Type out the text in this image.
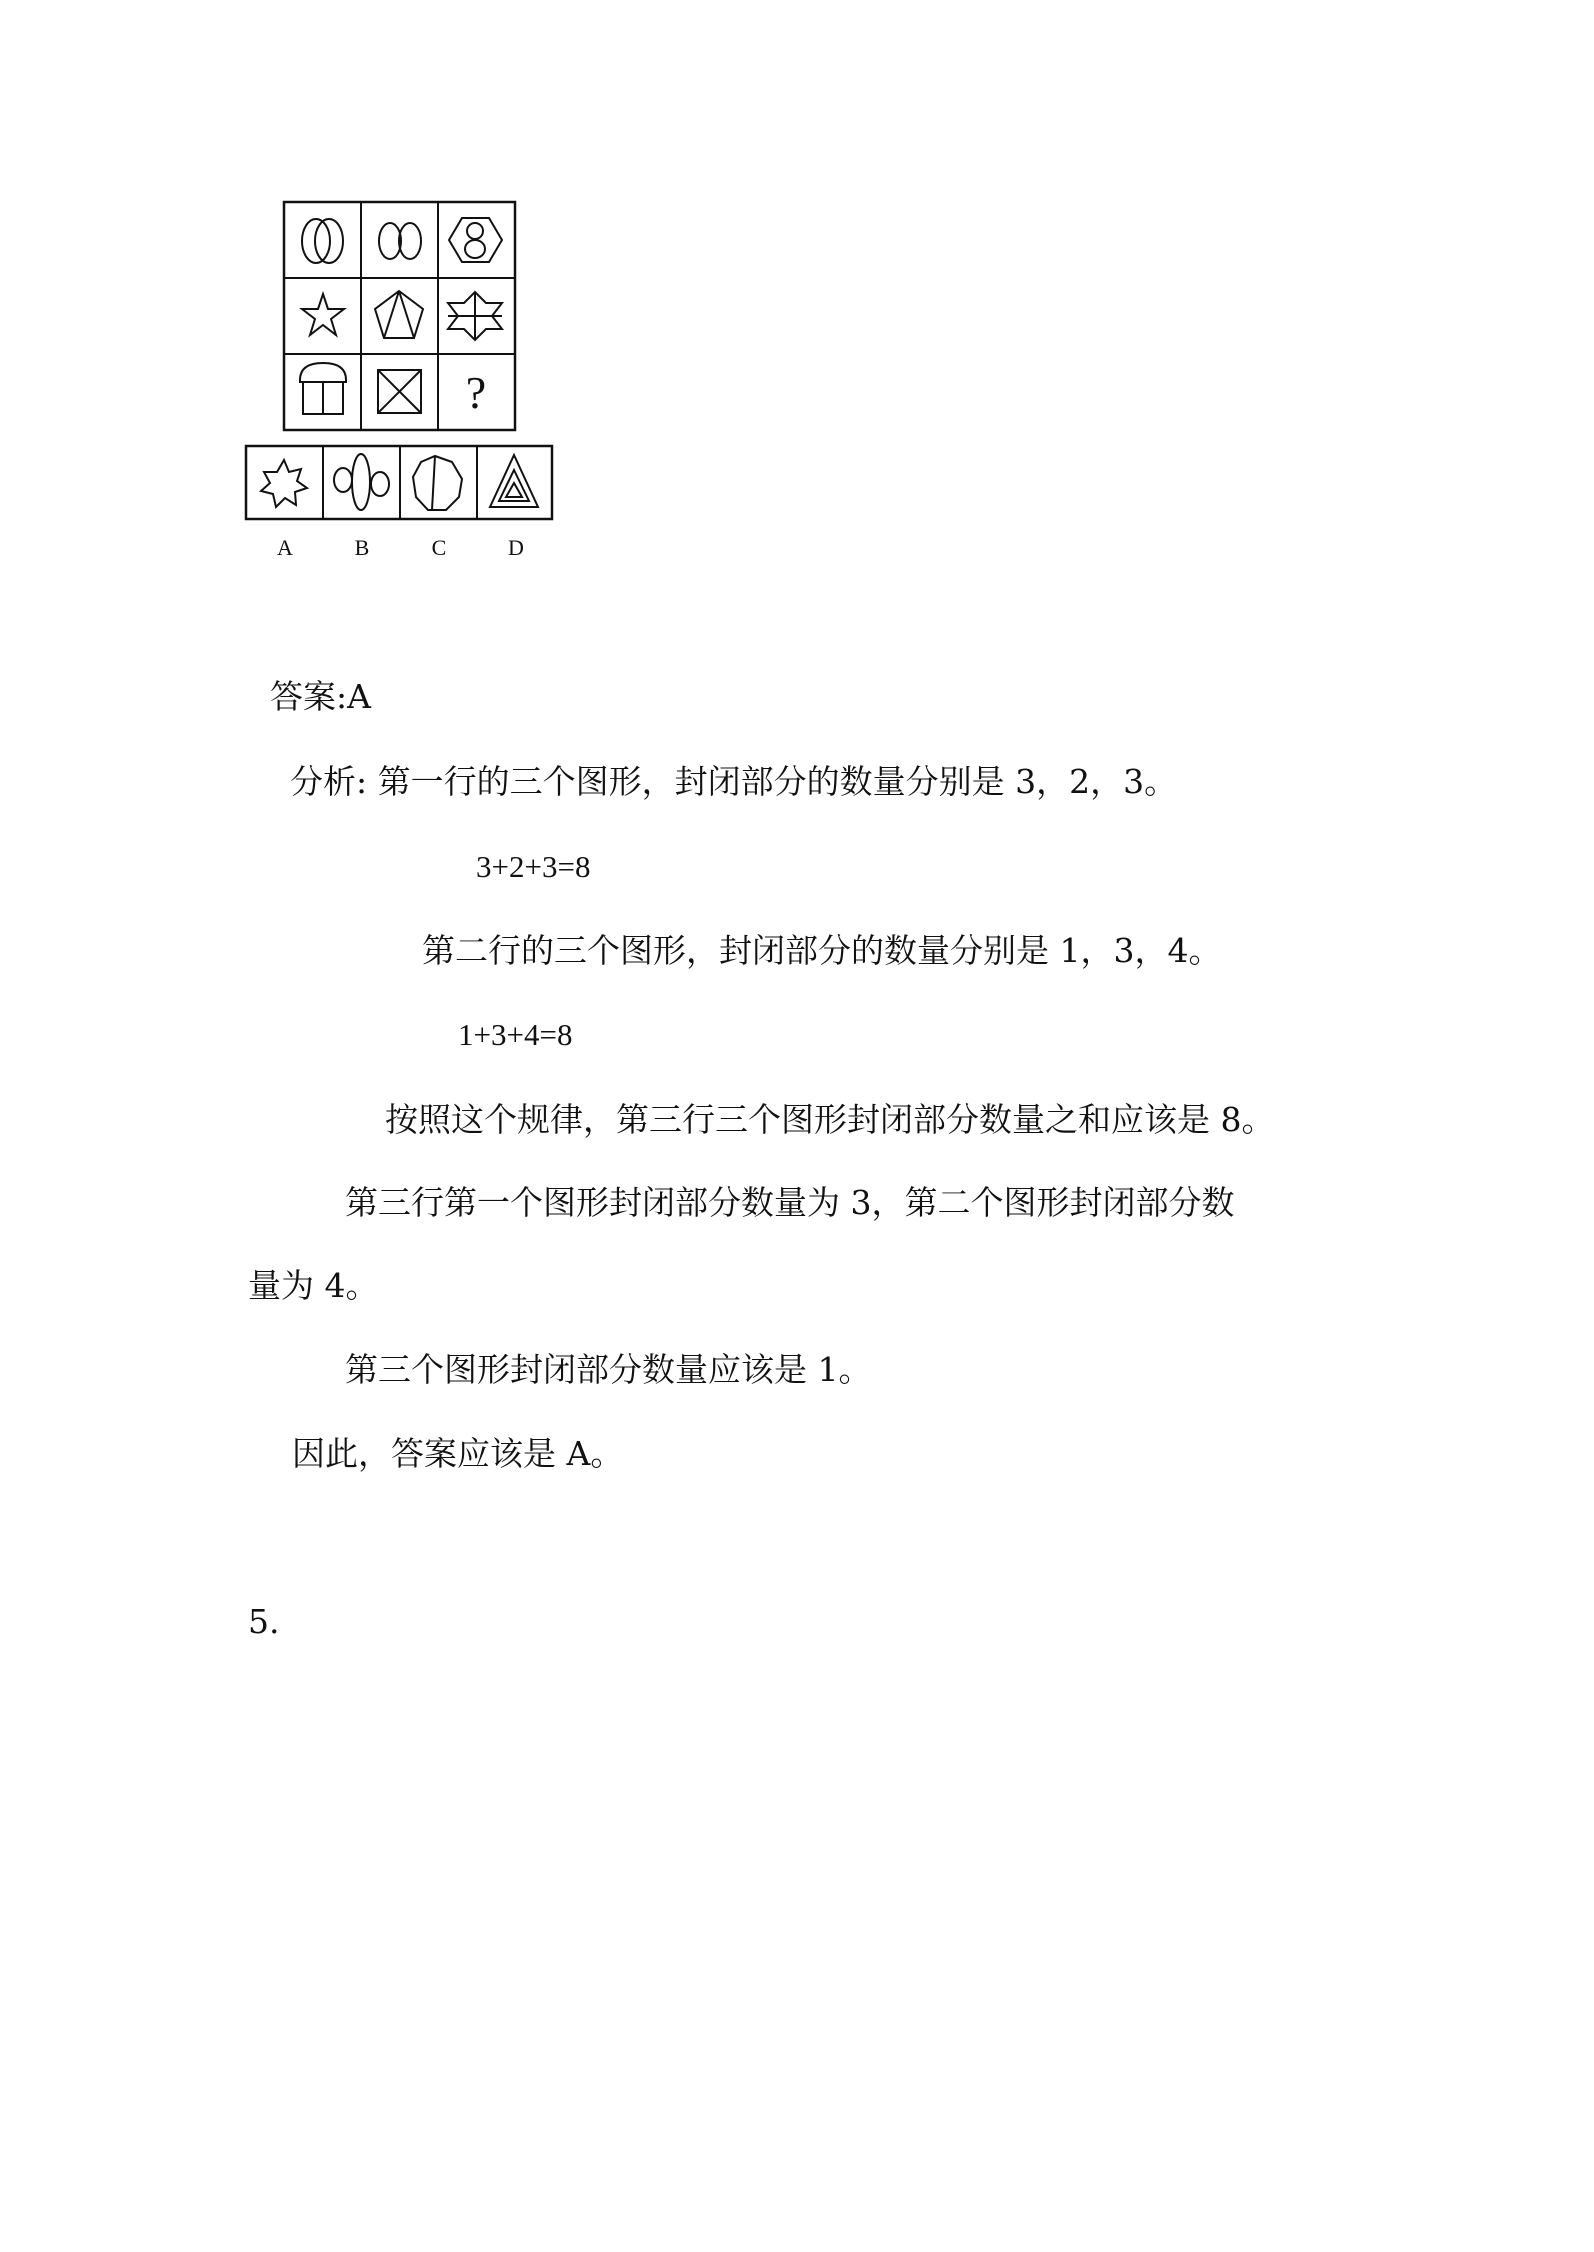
?
A	B	C	D
答案:A
分析: 第一行的三个图形，封闭部分的数量分别是 3，2，3。
3+2+3=8
第二行的三个图形，封闭部分的数量分别是 1，3，4。
1+3+4=8
按照这个规律，第三行三个图形封闭部分数量之和应该是 8。
第三行第一个图形封闭部分数量为 3，第二个图形封闭部分数
量为 4。
第三个图形封闭部分数量应该是 1。
因此，答案应该是 A。
5.
